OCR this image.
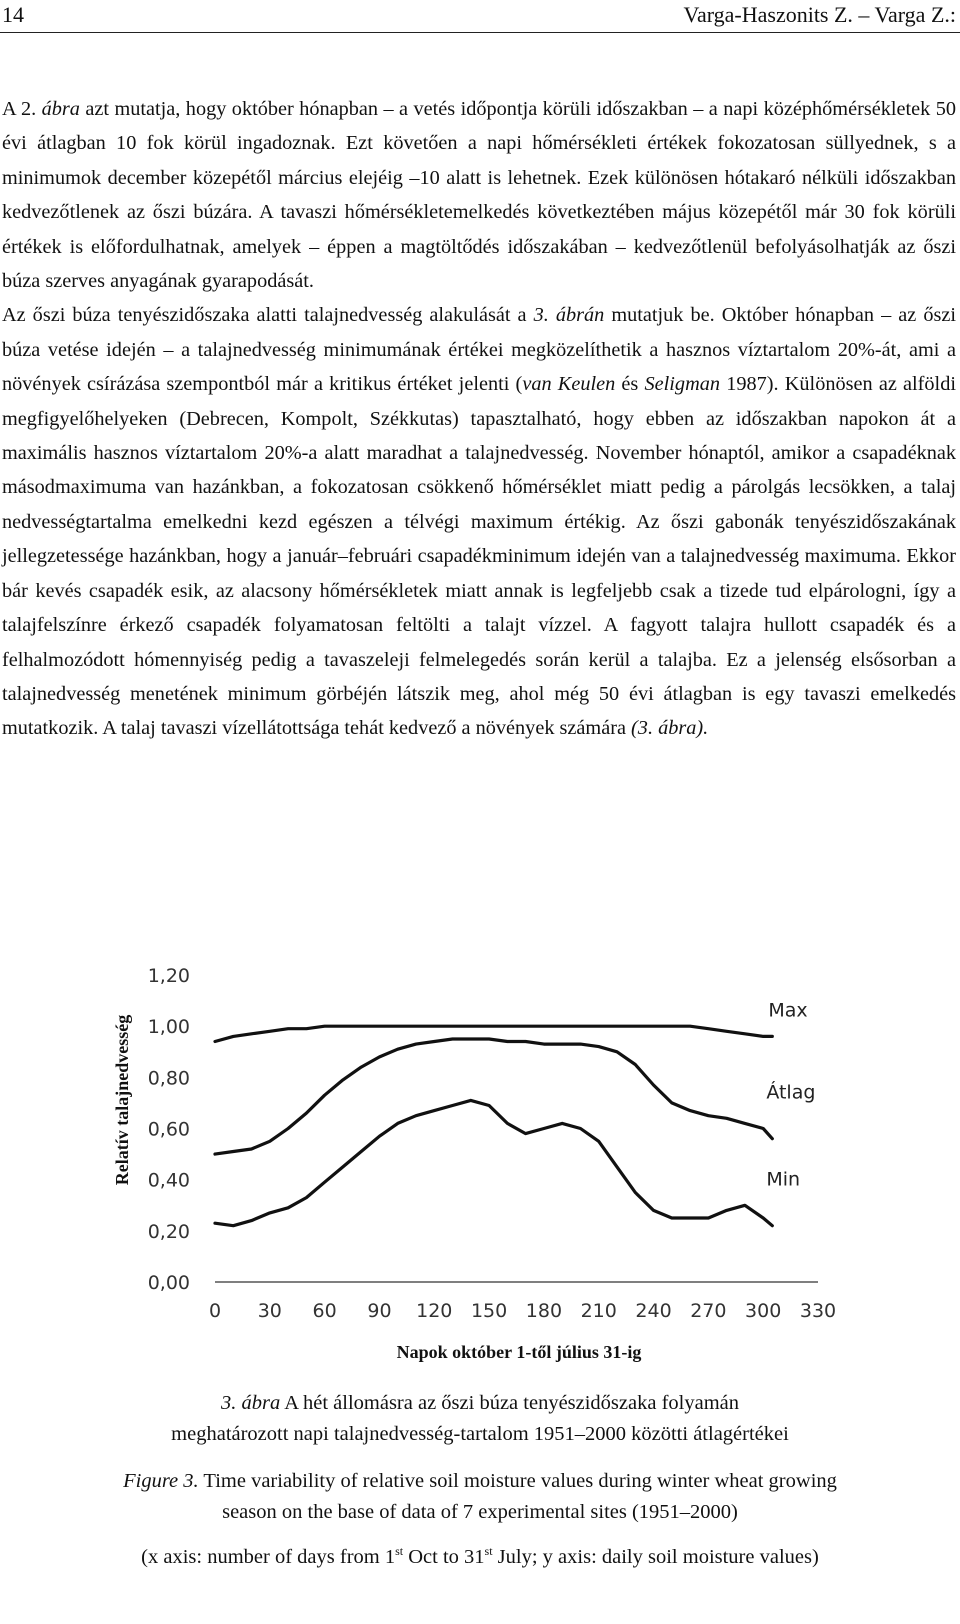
14	Varga-Haszonits Z. – Varga Z.:

A 2. ábra azt mutatja, hogy október hónapban – a vetés időpontja körüli időszakban – a napi középhőmérsékletek 50 évi átlagban 10 fok körül ingadoznak. Ezt követően a napi hőmérsékleti értékek fokozatosan süllyednek, s a minimumok december közepétől március elejéig –10 alatt is lehetnek. Ezek különösen hótakaró nélküli időszakban kedvezőtlenek az őszi búzára. A tavaszi hőmérsékletemelkedés következtében május közepétől már 30 fok körüli értékek is előfordulhatnak, amelyek – éppen a magtöltődés időszakában – kedvezőtlenül befolyásolhatják az őszi búza szerves anyagának gyarapodását.

Az őszi búza tenyészidőszaka alatti talajnedvesség alakulását a 3. ábrán mutatjuk be. Október hónapban – az őszi búza vetése idején – a talajnedvesség minimumának értékei megközelíthetik a hasznos víztartalom 20%-át, ami a növények csírázása szempontból már a kritikus értéket jelenti (van Keulen és Seligman 1987). Különösen az alföldi megfigyelőhelyeken (Debrecen, Kompolt, Székkutas) tapasztalható, hogy ebben az időszakban napokon át a maximális hasznos víztartalom 20%-a alatt maradhat a talajnedvesség. November hónaptól, amikor a csapadéknak másodmaximuma van hazánkban, a fokozatosan csökkenő hőmérséklet miatt pedig a párolgás lecsökken, a talaj nedvességtartalma emelkedni kezd egészen a télvégi maximum értékig. Az őszi gabonák tenyészidőszakának jellegzetessége hazánkban, hogy a január–februári csapadékminimum idején van a talajnedvesség maximuma. Ekkor bár kevés csapadék esik, az alacsony hőmérsékletek miatt annak is legfeljebb csak a tizede tud elpárologni, így a talajfelszínre érkező csapadék folyamatosan feltölti a talajt vízzel. A fagyott talajra hullott csapadék és a felhalmozódott hómennyiség pedig a tavaszeleji felmelegedés során kerül a talajba. Ez a jelenség elsősorban a talajnedvesség menetének minimum görbéjén látszik meg, ahol még 50 évi átlagban is egy tavaszi emelkedés mutatkozik. A talaj tavaszi vízellátottsága tehát kedvező a növények számára (3. ábra).

Relatív talajnedvesség
0,00
0,20
0,40
0,60
0,80
1,00
1,20
0 30 60 90 120 150 180 210 240 270 300 330
Max
Átlag
Min
Napok október 1-től július 31-ig
3. ábra A hét állomásra az őszi búza tenyészidőszaka folyamán
meghatározott napi talajnedvesség-tartalom 1951–2000 közötti átlagértékei
Figure 3. Time variability of relative soil moisture values during winter wheat growing
season on the base of data of 7 experimental sites (1951–2000)
(x axis: number of days from 1st Oct to 31st July; y axis: daily soil moisture values)
